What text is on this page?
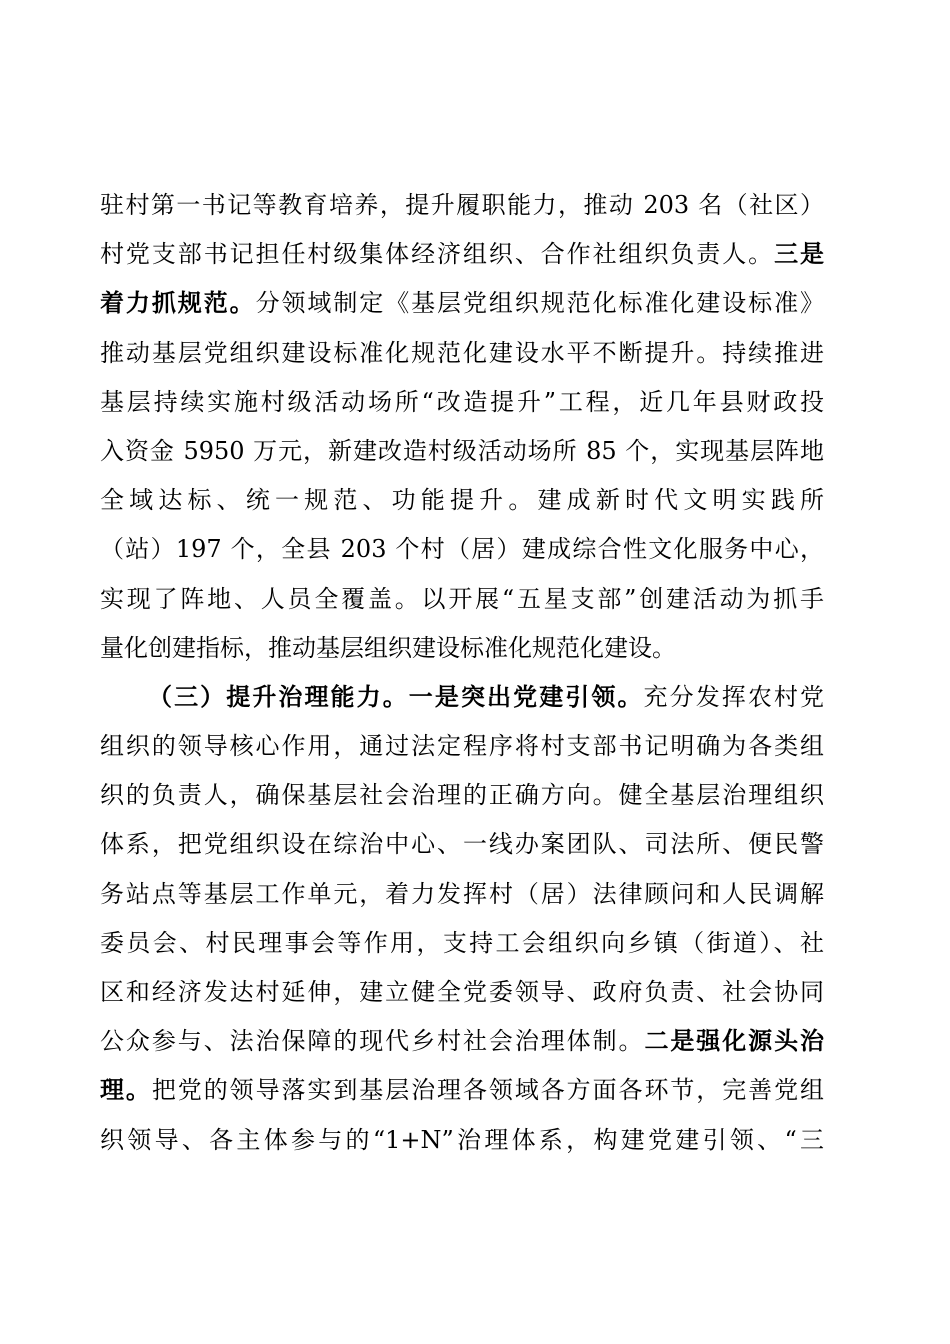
驻村第一书记等教育培养，提升履职能力，推动 203 名（社区）
村党支部书记担任村级集体经济组织、合作社组织负责人。三是
着力抓规范。分领域制定《基层党组织规范化标准化建设标准》
推动基层党组织建设标准化规范化建设水平不断提升。持续推进
基层持续实施村级活动场所“改造提升”工程，近几年县财政投
入资金 5950 万元，新建改造村级活动场所 85 个，实现基层阵地
全域达标、统一规范、功能提升。建成新时代文明实践所
（站）197 个，全县 203 个村（居）建成综合性文化服务中心，
实现了阵地、人员全覆盖。以开展“五星支部”创建活动为抓手
量化创建指标，推动基层组织建设标准化规范化建设。
（三）提升治理能力。一是突出党建引领。充分发挥农村党
组织的领导核心作用，通过法定程序将村支部书记明确为各类组
织的负责人，确保基层社会治理的正确方向。健全基层治理组织
体系，把党组织设在综治中心、一线办案团队、司法所、便民警
务站点等基层工作单元，着力发挥村（居）法律顾问和人民调解
委员会、村民理事会等作用，支持工会组织向乡镇（街道）、社
区和经济发达村延伸，建立健全党委领导、政府负责、社会协同
公众参与、法治保障的现代乡村社会治理体制。二是强化源头治
理。把党的领导落实到基层治理各领域各方面各环节，完善党组
织领导、各主体参与的“1+N”治理体系，构建党建引领、“三
